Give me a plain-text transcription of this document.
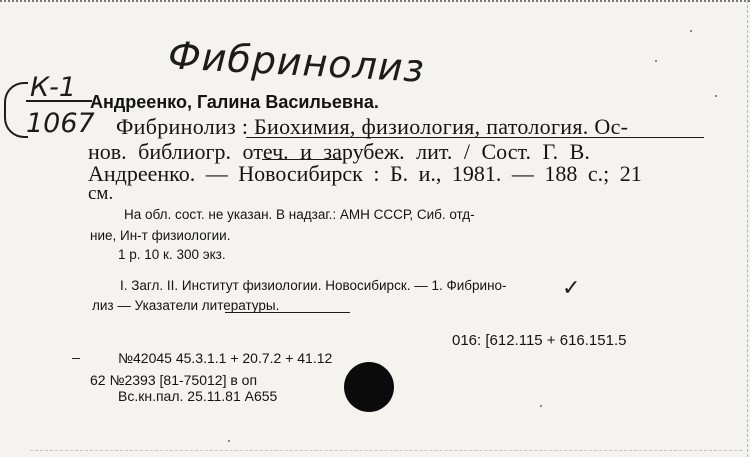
Фибринолиз
К-1
1067
Андреенко, Галина Васильевна.
Фибринолиз : Биохимия, физиология, патология. Ос-
нов. библиогр. отеч. и зарубеж. лит. / Сост. Г. В.
Андреенко. — Новосибирск : Б. и., 1981. — 188 с.; 21
см.
На обл. сост. не указан. В надзаг.: АМН СССР, Сиб. отд-
ние, Ин-т физиологии.
1 р. 10 к. 300 экз.
I. Загл. II. Институт физиологии. Новосибирск. — 1. Фибрино-	✓
лиз — Указатели литературы.
016: [612.115 + 616.151.5
№42045 45.3.1.1 + 20.7.2 + 41.12
62 №2393 [81-75012] в оп
Вс.кн.пал. 25.11.81 А655
